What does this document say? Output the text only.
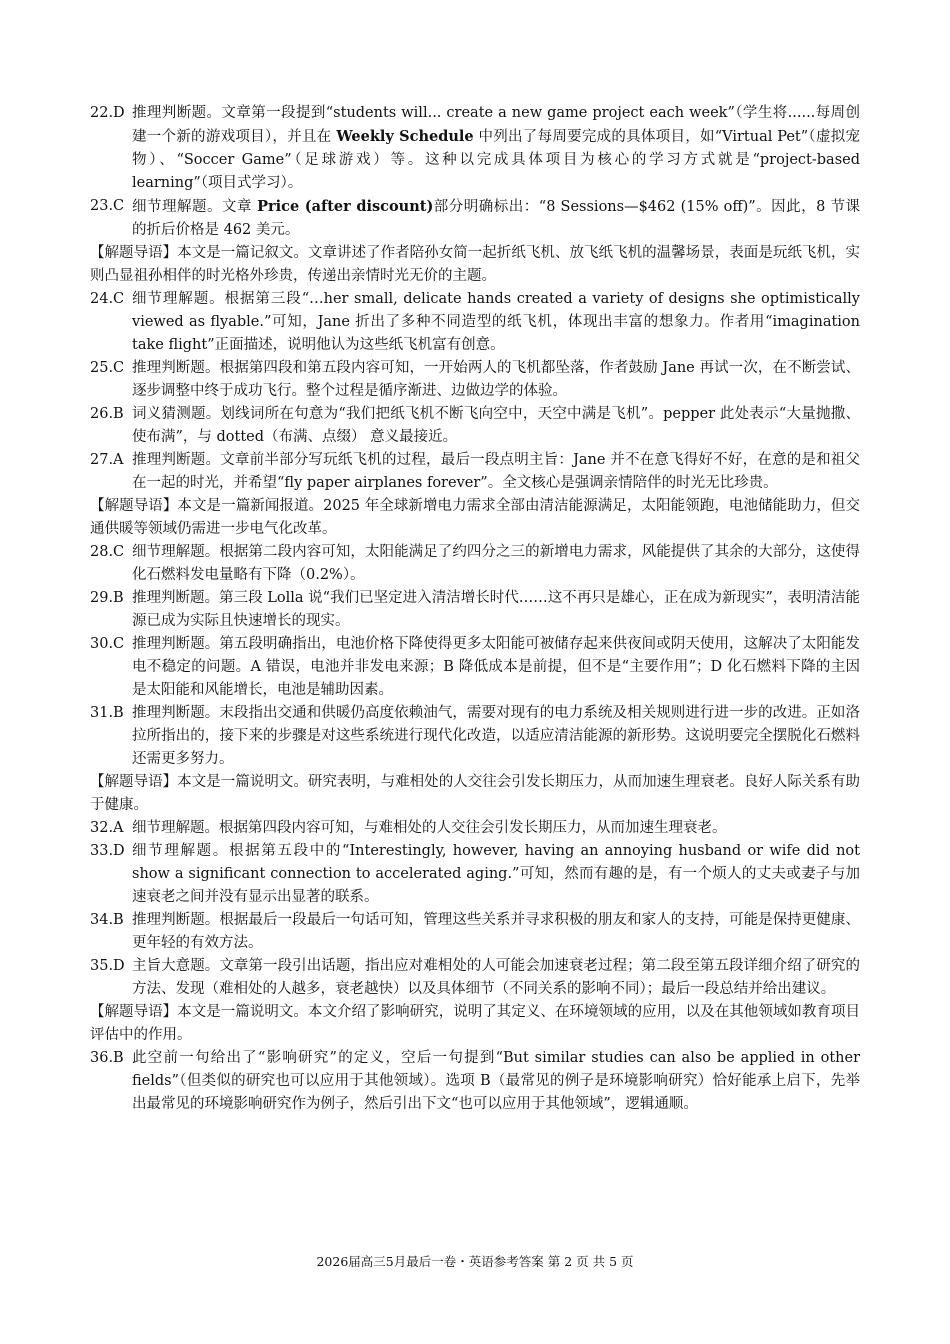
22.D 推理判断题。文章第一段提到“students will... create a new game project each week”（学生将......每周创建一个新的游戏项目），并且在 Weekly Schedule 中列出了每周要完成的具体项目，如“Virtual Pet”（虚拟宠物）、“Soccer Game”（足球游戏）等。这种以完成具体项目为核心的学习方式就是“project-based learning”（项目式学习）。
23.C 细节理解题。文章 Price (after discount)部分明确标出：“8 Sessions—$462 (15% off)”。因此，8 节课的折后价格是 462 美元。
【解题导语】本文是一篇记叙文。文章讲述了作者陪孙女简一起折纸飞机、放飞纸飞机的温馨场景，表面是玩纸飞机，实则凸显祖孙相伴的时光格外珍贵，传递出亲情时光无价的主题。
24.C 细节理解题。根据第三段“…her small, delicate hands created a variety of designs she optimistically viewed as flyable.”可知，Jane 折出了多种不同造型的纸飞机，体现出丰富的想象力。作者用“imagination take flight”正面描述，说明他认为这些纸飞机富有创意。
25.C 推理判断题。根据第四段和第五段内容可知，一开始两人的飞机都坠落，作者鼓励 Jane 再试一次，在不断尝试、逐步调整中终于成功飞行。整个过程是循序渐进、边做边学的体验。
26.B 词义猜测题。划线词所在句意为“我们把纸飞机不断飞向空中，天空中满是飞机”。pepper 此处表示“大量抛撒、使布满”，与 dotted（布满、点缀） 意义最接近。
27.A 推理判断题。文章前半部分写玩纸飞机的过程，最后一段点明主旨：Jane 并不在意飞得好不好，在意的是和祖父在一起的时光，并希望“fly paper airplanes forever”。全文核心是强调亲情陪伴的时光无比珍贵。
【解题导语】本文是一篇新闻报道。2025 年全球新增电力需求全部由清洁能源满足，太阳能领跑，电池储能助力，但交通供暖等领域仍需进一步电气化改革。
28.C 细节理解题。根据第二段内容可知，太阳能满足了约四分之三的新增电力需求，风能提供了其余的大部分，这使得化石燃料发电量略有下降（0.2%）。
29.B 推理判断题。第三段 Lolla 说“我们已坚定进入清洁增长时代……这不再只是雄心，正在成为新现实”，表明清洁能源已成为实际且快速增长的现实。
30.C 推理判断题。第五段明确指出，电池价格下降使得更多太阳能可被储存起来供夜间或阴天使用，这解决了太阳能发电不稳定的问题。A 错误，电池并非发电来源；B 降低成本是前提，但不是“主要作用”；D 化石燃料下降的主因是太阳能和风能增长，电池是辅助因素。
31.B 推理判断题。末段指出交通和供暖仍高度依赖油气，需要对现有的电力系统及相关规则进行进一步的改进。正如洛拉所指出的，接下来的步骤是对这些系统进行现代化改造，以适应清洁能源的新形势。这说明要完全摆脱化石燃料还需更多努力。
【解题导语】本文是一篇说明文。研究表明，与难相处的人交往会引发长期压力，从而加速生理衰老。良好人际关系有助于健康。
32.A 细节理解题。根据第四段内容可知，与难相处的人交往会引发长期压力，从而加速生理衰老。
33.D 细节理解题。根据第五段中的“Interestingly, however, having an annoying husband or wife did not show a significant connection to accelerated aging.”可知，然而有趣的是，有一个烦人的丈夫或妻子与加速衰老之间并没有显示出显著的联系。
34.B 推理判断题。根据最后一段最后一句话可知，管理这些关系并寻求积极的朋友和家人的支持，可能是保持更健康、更年轻的有效方法。
35.D 主旨大意题。文章第一段引出话题，指出应对难相处的人可能会加速衰老过程；第二段至第五段详细介绍了研究的方法、发现（难相处的人越多，衰老越快）以及具体细节（不同关系的影响不同）；最后一段总结并给出建议。
【解题导语】本文是一篇说明文。本文介绍了影响研究，说明了其定义、在环境领域的应用，以及在其他领域如教育项目评估中的作用。
36.B 此空前一句给出了“影响研究”的定义，空后一句提到“But similar studies can also be applied in other fields”（但类似的研究也可以应用于其他领域）。选项 B（最常见的例子是环境影响研究）恰好能承上启下，先举出最常见的环境影响研究作为例子，然后引出下文“也可以应用于其他领域”，逻辑通顺。
2026届高三5月最后一卷・英语参考答案 第 2 页 共 5 页
